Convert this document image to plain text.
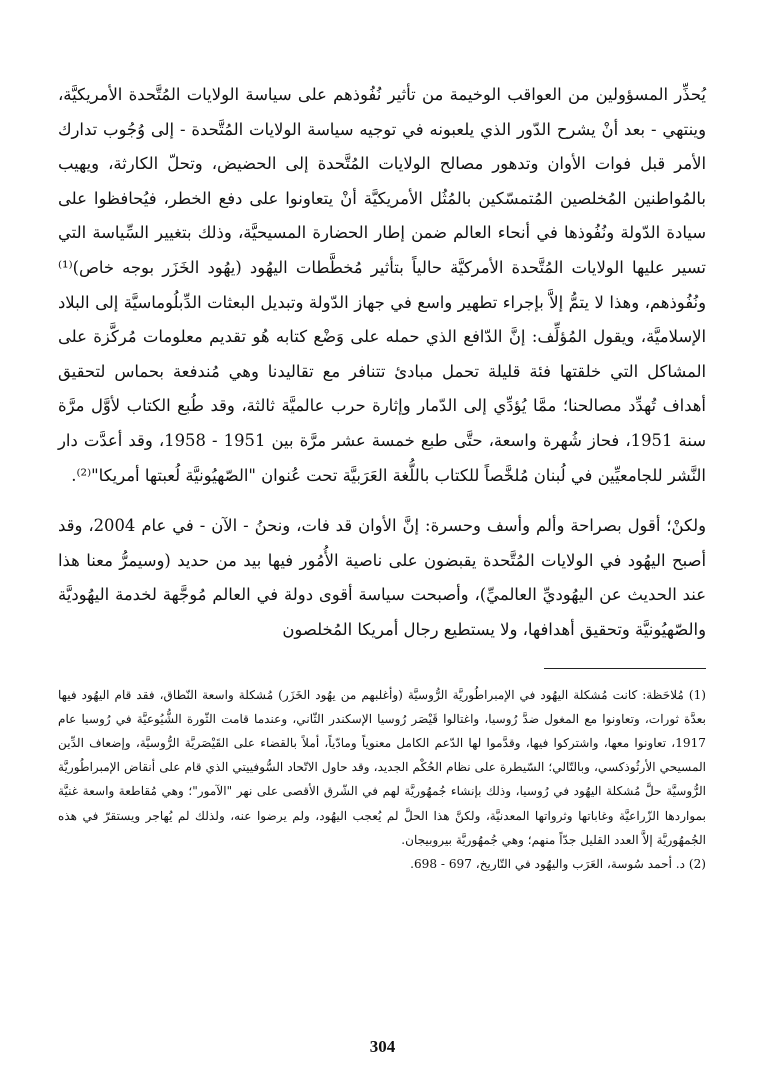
يُحذِّر المسؤولين من العواقب الوخيمة من تأثير نُفُوذهم على سياسة الولايات المُتَّحدة الأمريكيَّة، وينتهي - بعد أنْ يشرح الدّور الذي يلعبونه في توجيه سياسة الولايات المُتَّحدة - إلى وُجُوب تدارك الأمر قبل فوات الأوان وتدهور مصالح الولايات المُتَّحدة إلى الحضيض، وتحلّ الكارثة، ويهيب بالمُواطنين المُخلصين المُتمسّكين بالمُثُل الأمريكيَّة أنْ يتعاونوا على دفع الخطر، فيُحافظوا على سيادة الدّولة ونُفُوذها في أنحاء العالم ضمن إطار الحضارة المسيحيَّة، وذلك بتغيير السِّياسة التي تسير عليها الولايات المُتَّحدة الأمركيَّة حالياً بتأثير مُخطَّطات اليهُود (يهُود الخَزَر بوجه خاص)⁽¹⁾ ونُفُوذهم، وهذا لا يتمُّ إلاَّ بإجراء تطهير واسع في جهاز الدّولة وتبديل البعثات الدِّبلُوماسيَّة إلى البلاد الإسلاميَّة، ويقول المُؤلِّف: إنَّ الدّافع الذي حمله على وَضْع كتابه هُو تقديم معلومات مُركَّزة على المشاكل التي خلقتها فئة قليلة تحمل مبادئ تتنافر مع تقاليدنا وهي مُندفعة بحماس لتحقيق أهداف تُهدِّد مصالحنا؛ ممَّا يُؤدِّي إلى الدّمار وإثارة حرب عالميَّة ثالثة، وقد طُبع الكتاب لأوَّل مرَّة سنة 1951، فحاز شُهرة واسعة، حتَّى طبع خمسة عشر مرَّة بين 1951 - 1958، وقد أعدَّت دار النَّشر للجامعيِّين في لُبنان مُلخَّصاً للكتاب باللُّغة العَرَبيَّة تحت عُنوان "الصّهيُونيَّة لُعبتها أمريكا"⁽²⁾.

ولكنْ؛ أقول بصراحة وألم وأسف وحسرة: إنَّ الأوان قد فات، ونحنُ - الآن - في عام 2004، وقد أصبح اليهُود في الولايات المُتَّحدة يقبضون على ناصية الأُمُور فيها بيد من حديد (وسيمرُّ معنا هذا عند الحديث عن اليهُوديِّ العالميِّ)، وأصبحت سياسة أقوى دولة في العالم مُوجَّهة لخدمة اليهُوديَّة والصّهيُونيَّة وتحقيق أهدافها، ولا يستطيع رجال أمريكا المُخلصون

(1) مُلاحَظة: كانت مُشكلة اليهُود في الإمبراطُوريَّة الرُّوسيَّة (وأغلبهم من يهُود الخَزَر) مُشكلة واسعة النّطاق، فقد قام اليهُود فيها بعدَّة ثورات، وتعاونوا مع المغول ضدَّ رُوسيا، واغتالوا قَيْصَر رُوسيا الإسكندر الثّاني، وعندما قامت الثّورة الشُّيُوعيَّة في رُوسيا عام 1917، تعاونوا معها، واشتركوا فيها، وقدَّموا لها الدّعم الكامل معنوياً ومادّياً، أملاً بالقضاء على القَيْصَريَّة الرُّوسيَّة، وإضعاف الدِّين المسيحي الأرثُوذكسي، وبالتّالي؛ السّيطرة على نظام الحُكْم الجديد، وقد حاول الاتّحاد السُّوفييتي الذي قام على أنقاض الإمبراطُوريَّة الرُّوسيَّة حلَّ مُشكلة اليهُود في رُوسيا، وذلك بإنشاء جُمهُوريَّة لهم في الشّرق الأقصى على نهر "الآمور"؛ وهي مُقاطعة واسعة غنيَّة بمواردها الزّراعيَّة وغاباتها وثرواتها المعدنيَّة، ولكنَّ هذا الحلَّ لم يُعجب اليهُود، ولم يرضوا عنه، ولذلك لم يُهاجر ويستقرّ في هذه الجُمهُوريَّة إلاَّ العدد القليل جدّاً منهم؛ وهي جُمهُوريَّة بيروبيجان.

(2) د. أحمد سُوسة، العَرَب واليهُود في التّاريخ، 697 - 698.

304
